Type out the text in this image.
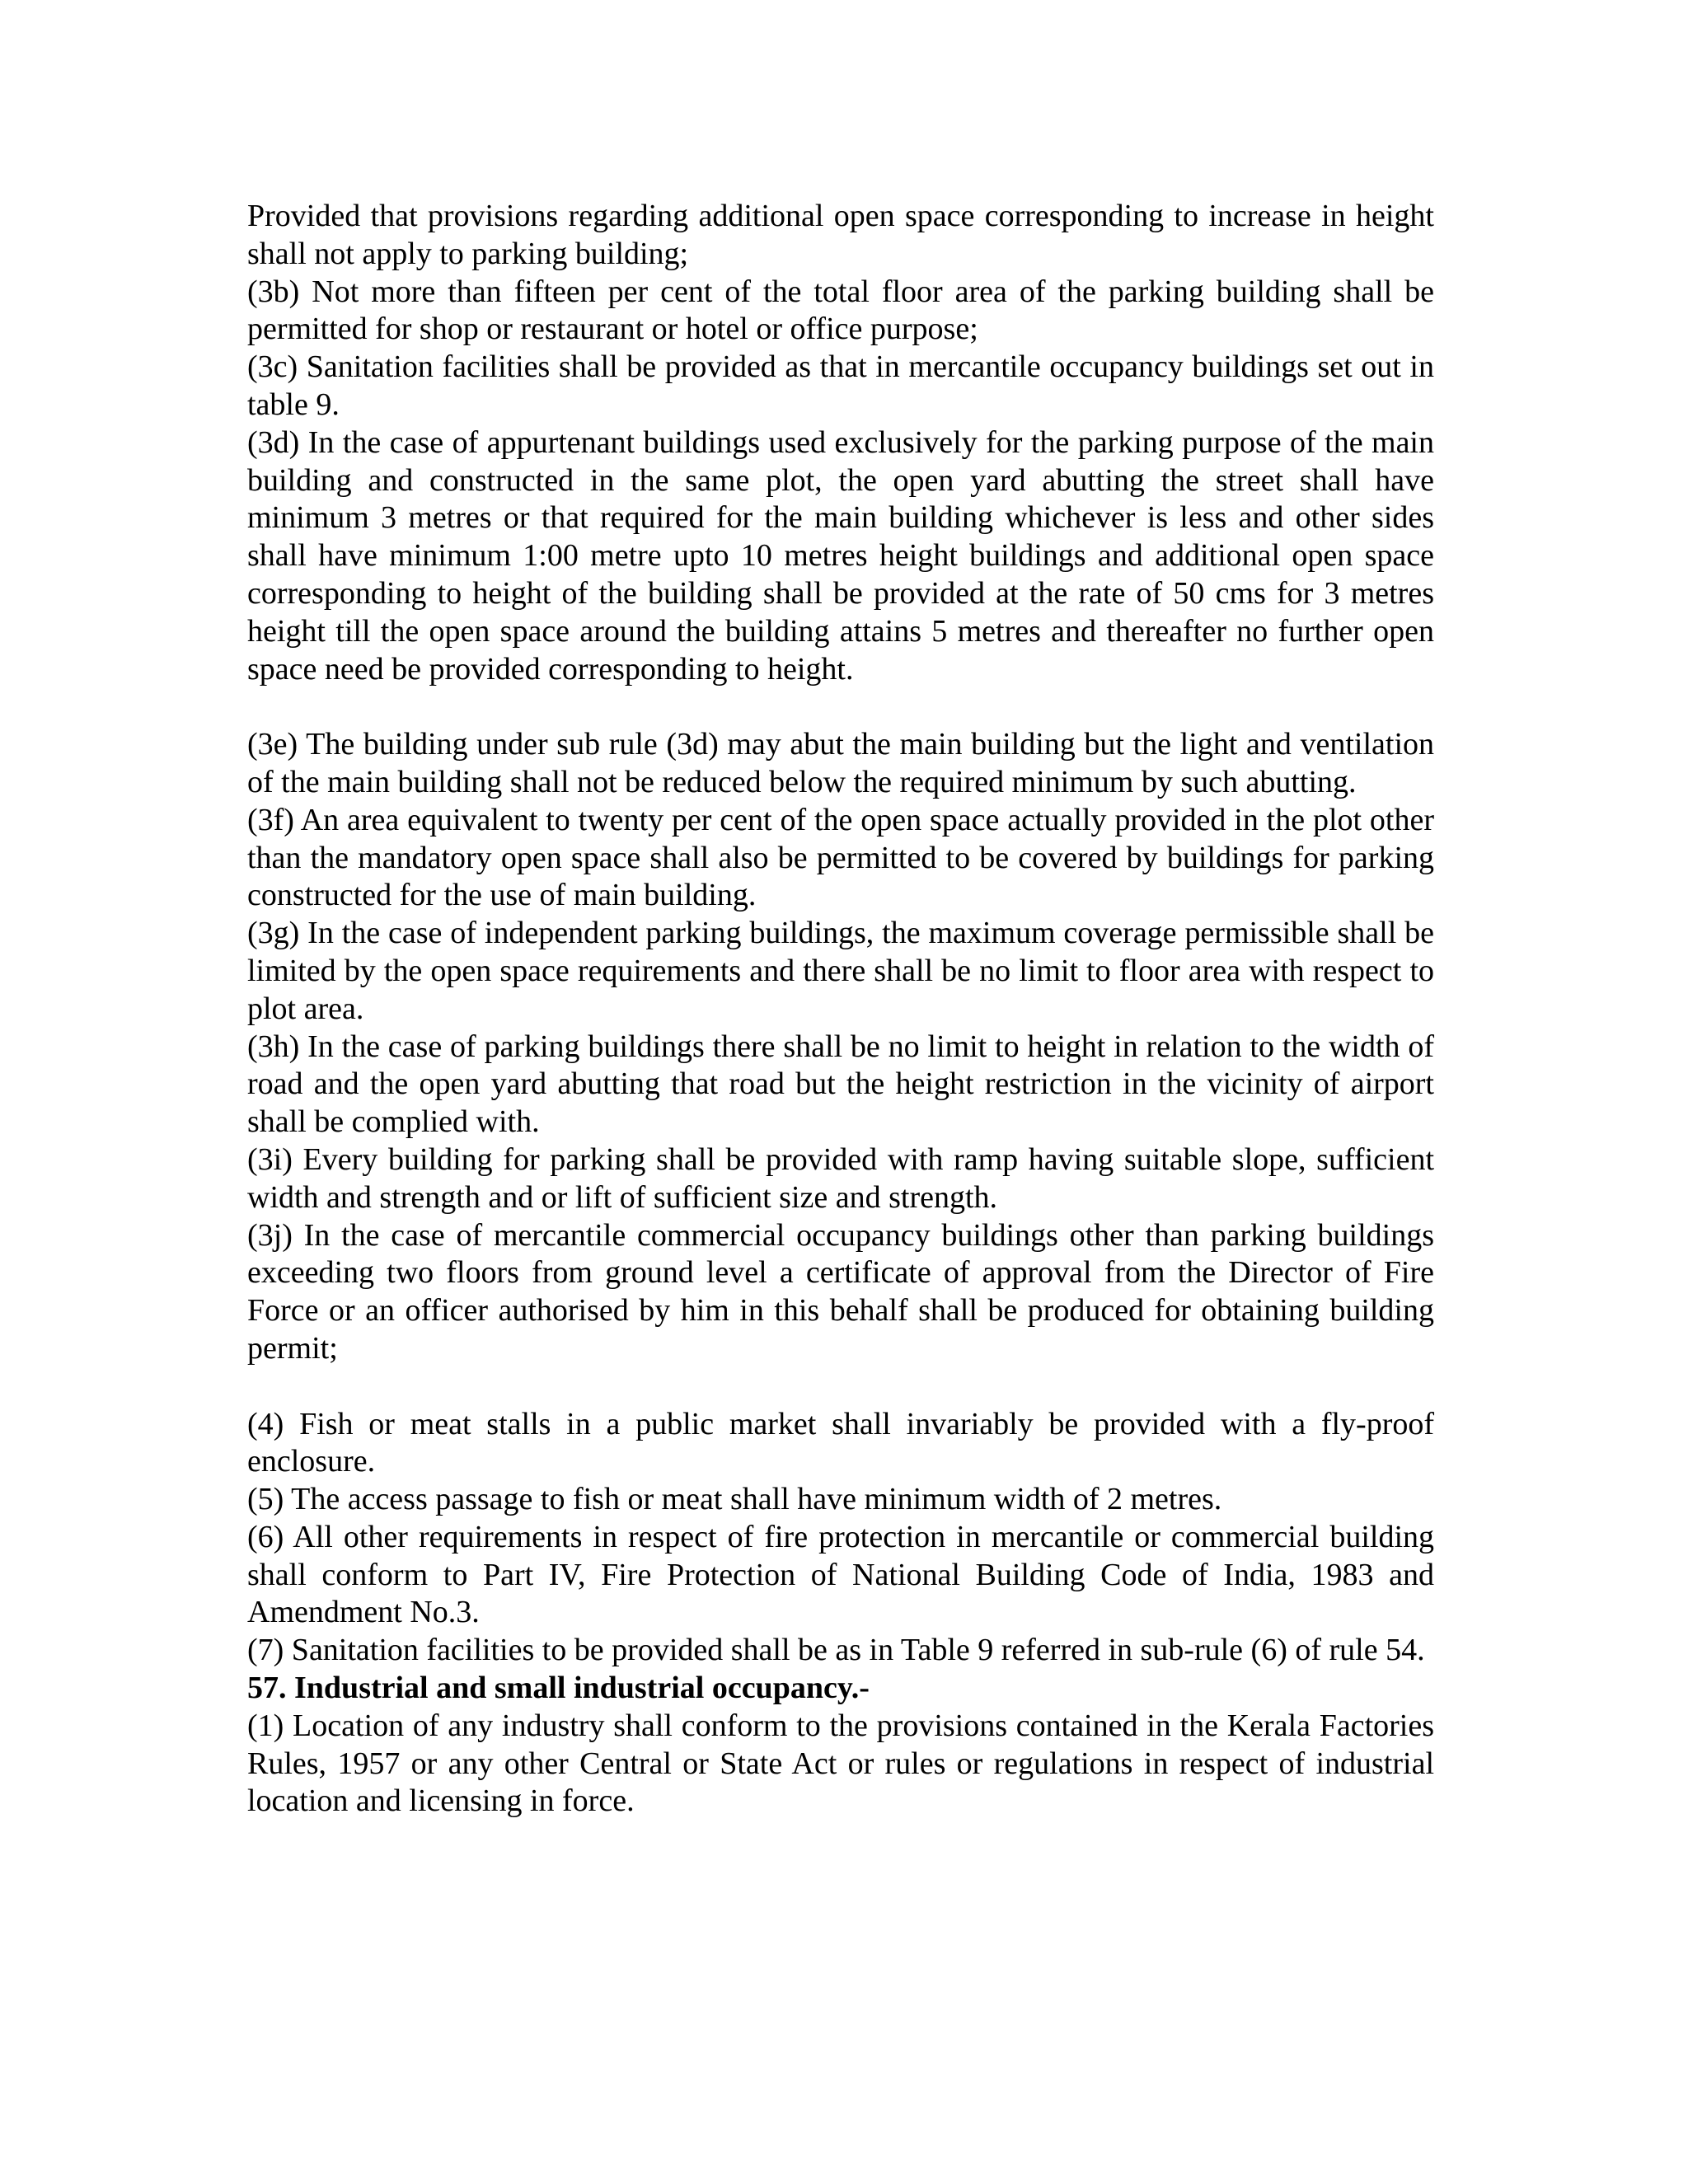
Provided that provisions regarding additional open space corresponding to increase in height shall not apply to parking building;

(3b) Not more than fifteen per cent of the total floor area of the parking building shall be permitted for shop or restaurant or hotel or office purpose;

(3c) Sanitation facilities shall be provided as that in mercantile occupancy buildings set out in table 9.

(3d) In the case of appurtenant buildings used exclusively for the parking purpose of the main building and constructed in the same plot, the open yard abutting the street shall have minimum 3 metres or that required for the main building whichever is less and other sides shall have minimum 1:00 metre upto 10 metres height buildings and additional open space corresponding to height of the building shall be provided at the rate of 50 cms for 3 metres height till the open space around the building attains 5 metres and thereafter no further open space need be provided corresponding to height.

(3e) The building under sub rule (3d) may abut the main building but the light and ventilation of the main building shall not be reduced below the required minimum by such abutting.

(3f) An area equivalent to twenty per cent of the open space actually provided in the plot other than the mandatory open space shall also be permitted to be covered by buildings for parking constructed for the use of main building.

(3g) In the case of independent parking buildings, the maximum coverage permissible shall be limited by the open space requirements and there shall be no limit to floor area with respect to plot area.

(3h) In the case of parking buildings there shall be no limit to height in relation to the width of road and the open yard abutting that road but the height restriction in the vicinity of airport shall be complied with.

(3i) Every building for parking shall be provided with ramp having suitable slope, sufficient width and strength and or lift of sufficient size and strength.

(3j) In the case of mercantile commercial occupancy buildings other than parking buildings exceeding two floors from ground level a certificate of approval from the Director of Fire Force or an officer authorised by him in this behalf shall be produced for obtaining building permit;

(4) Fish or meat stalls in a public market shall invariably be provided with a fly-proof enclosure.

(5) The access passage to fish or meat shall have minimum width of 2 metres.

(6) All other requirements in respect of fire protection in mercantile or commercial building shall conform to Part IV, Fire Protection of National Building Code of India, 1983 and Amendment No.3.

(7) Sanitation facilities to be provided shall be as in Table 9 referred in sub-rule (6) of rule 54.

57. Industrial and small industrial occupancy.-

(1) Location of any industry shall conform to the provisions contained in the Kerala Factories Rules, 1957 or any other Central or State Act or rules or regulations in respect of industrial location and licensing in force.
